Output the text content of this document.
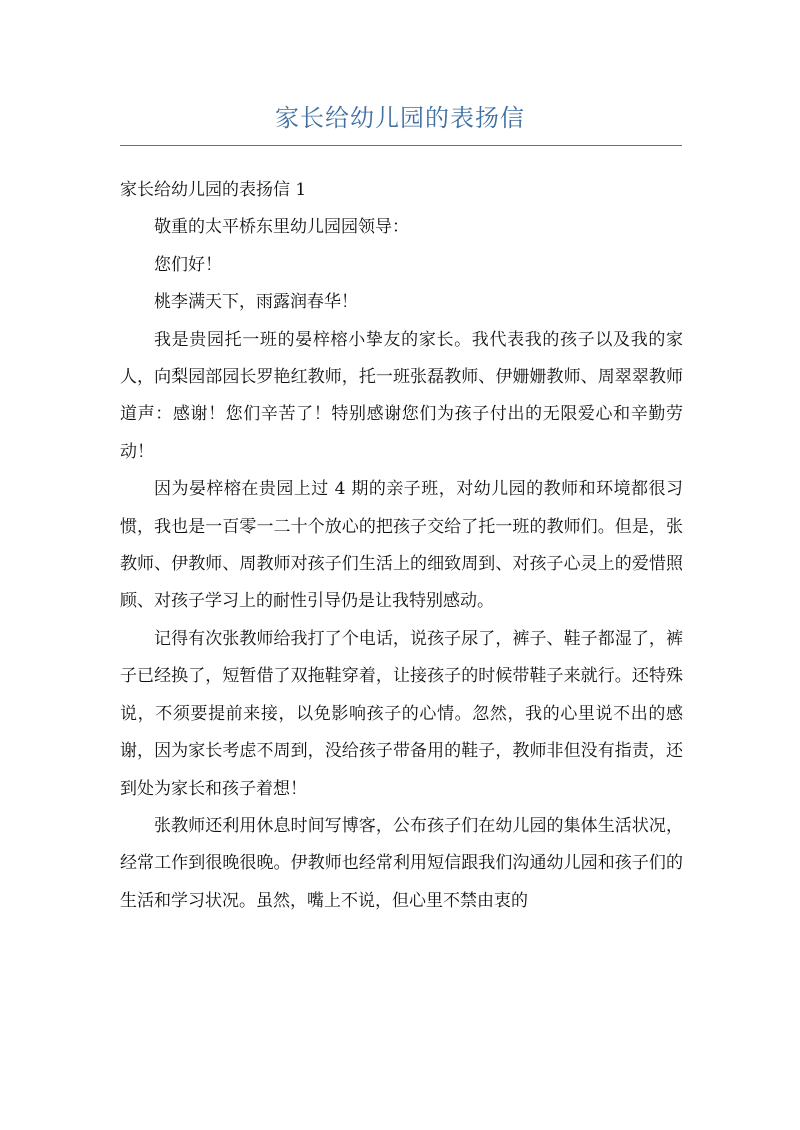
家长给幼儿园的表扬信

家长给幼儿园的表扬信 1

敬重的太平桥东里幼儿园园领导：

您们好！

桃李满天下，雨露润春华！

我是贵园托一班的晏梓榕小挚友的家长。我代表我的孩子以及我的家人，向梨园部园长罗艳红教师，托一班张磊教师、伊姗姗教师、周翠翠教师道声：感谢！您们辛苦了！特别感谢您们为孩子付出的无限爱心和辛勤劳动！

因为晏梓榕在贵园上过 4 期的亲子班，对幼儿园的教师和环境都很习惯，我也是一百零一二十个放心的把孩子交给了托一班的教师们。但是，张教师、伊教师、周教师对孩子们生活上的细致周到、对孩子心灵上的爱惜照顾、对孩子学习上的耐性引导仍是让我特别感动。

记得有次张教师给我打了个电话，说孩子尿了，裤子、鞋子都湿了，裤子已经换了，短暂借了双拖鞋穿着，让接孩子的时候带鞋子来就行。还特殊说，不须要提前来接，以免影响孩子的心情。忽然，我的心里说不出的感谢，因为家长考虑不周到，没给孩子带备用的鞋子，教师非但没有指责，还到处为家长和孩子着想！

张教师还利用休息时间写博客，公布孩子们在幼儿园的集体生活状况，经常工作到很晚很晚。伊教师也经常利用短信跟我们沟通幼儿园和孩子们的生活和学习状况。虽然，嘴上不说，但心里不禁由衷的
